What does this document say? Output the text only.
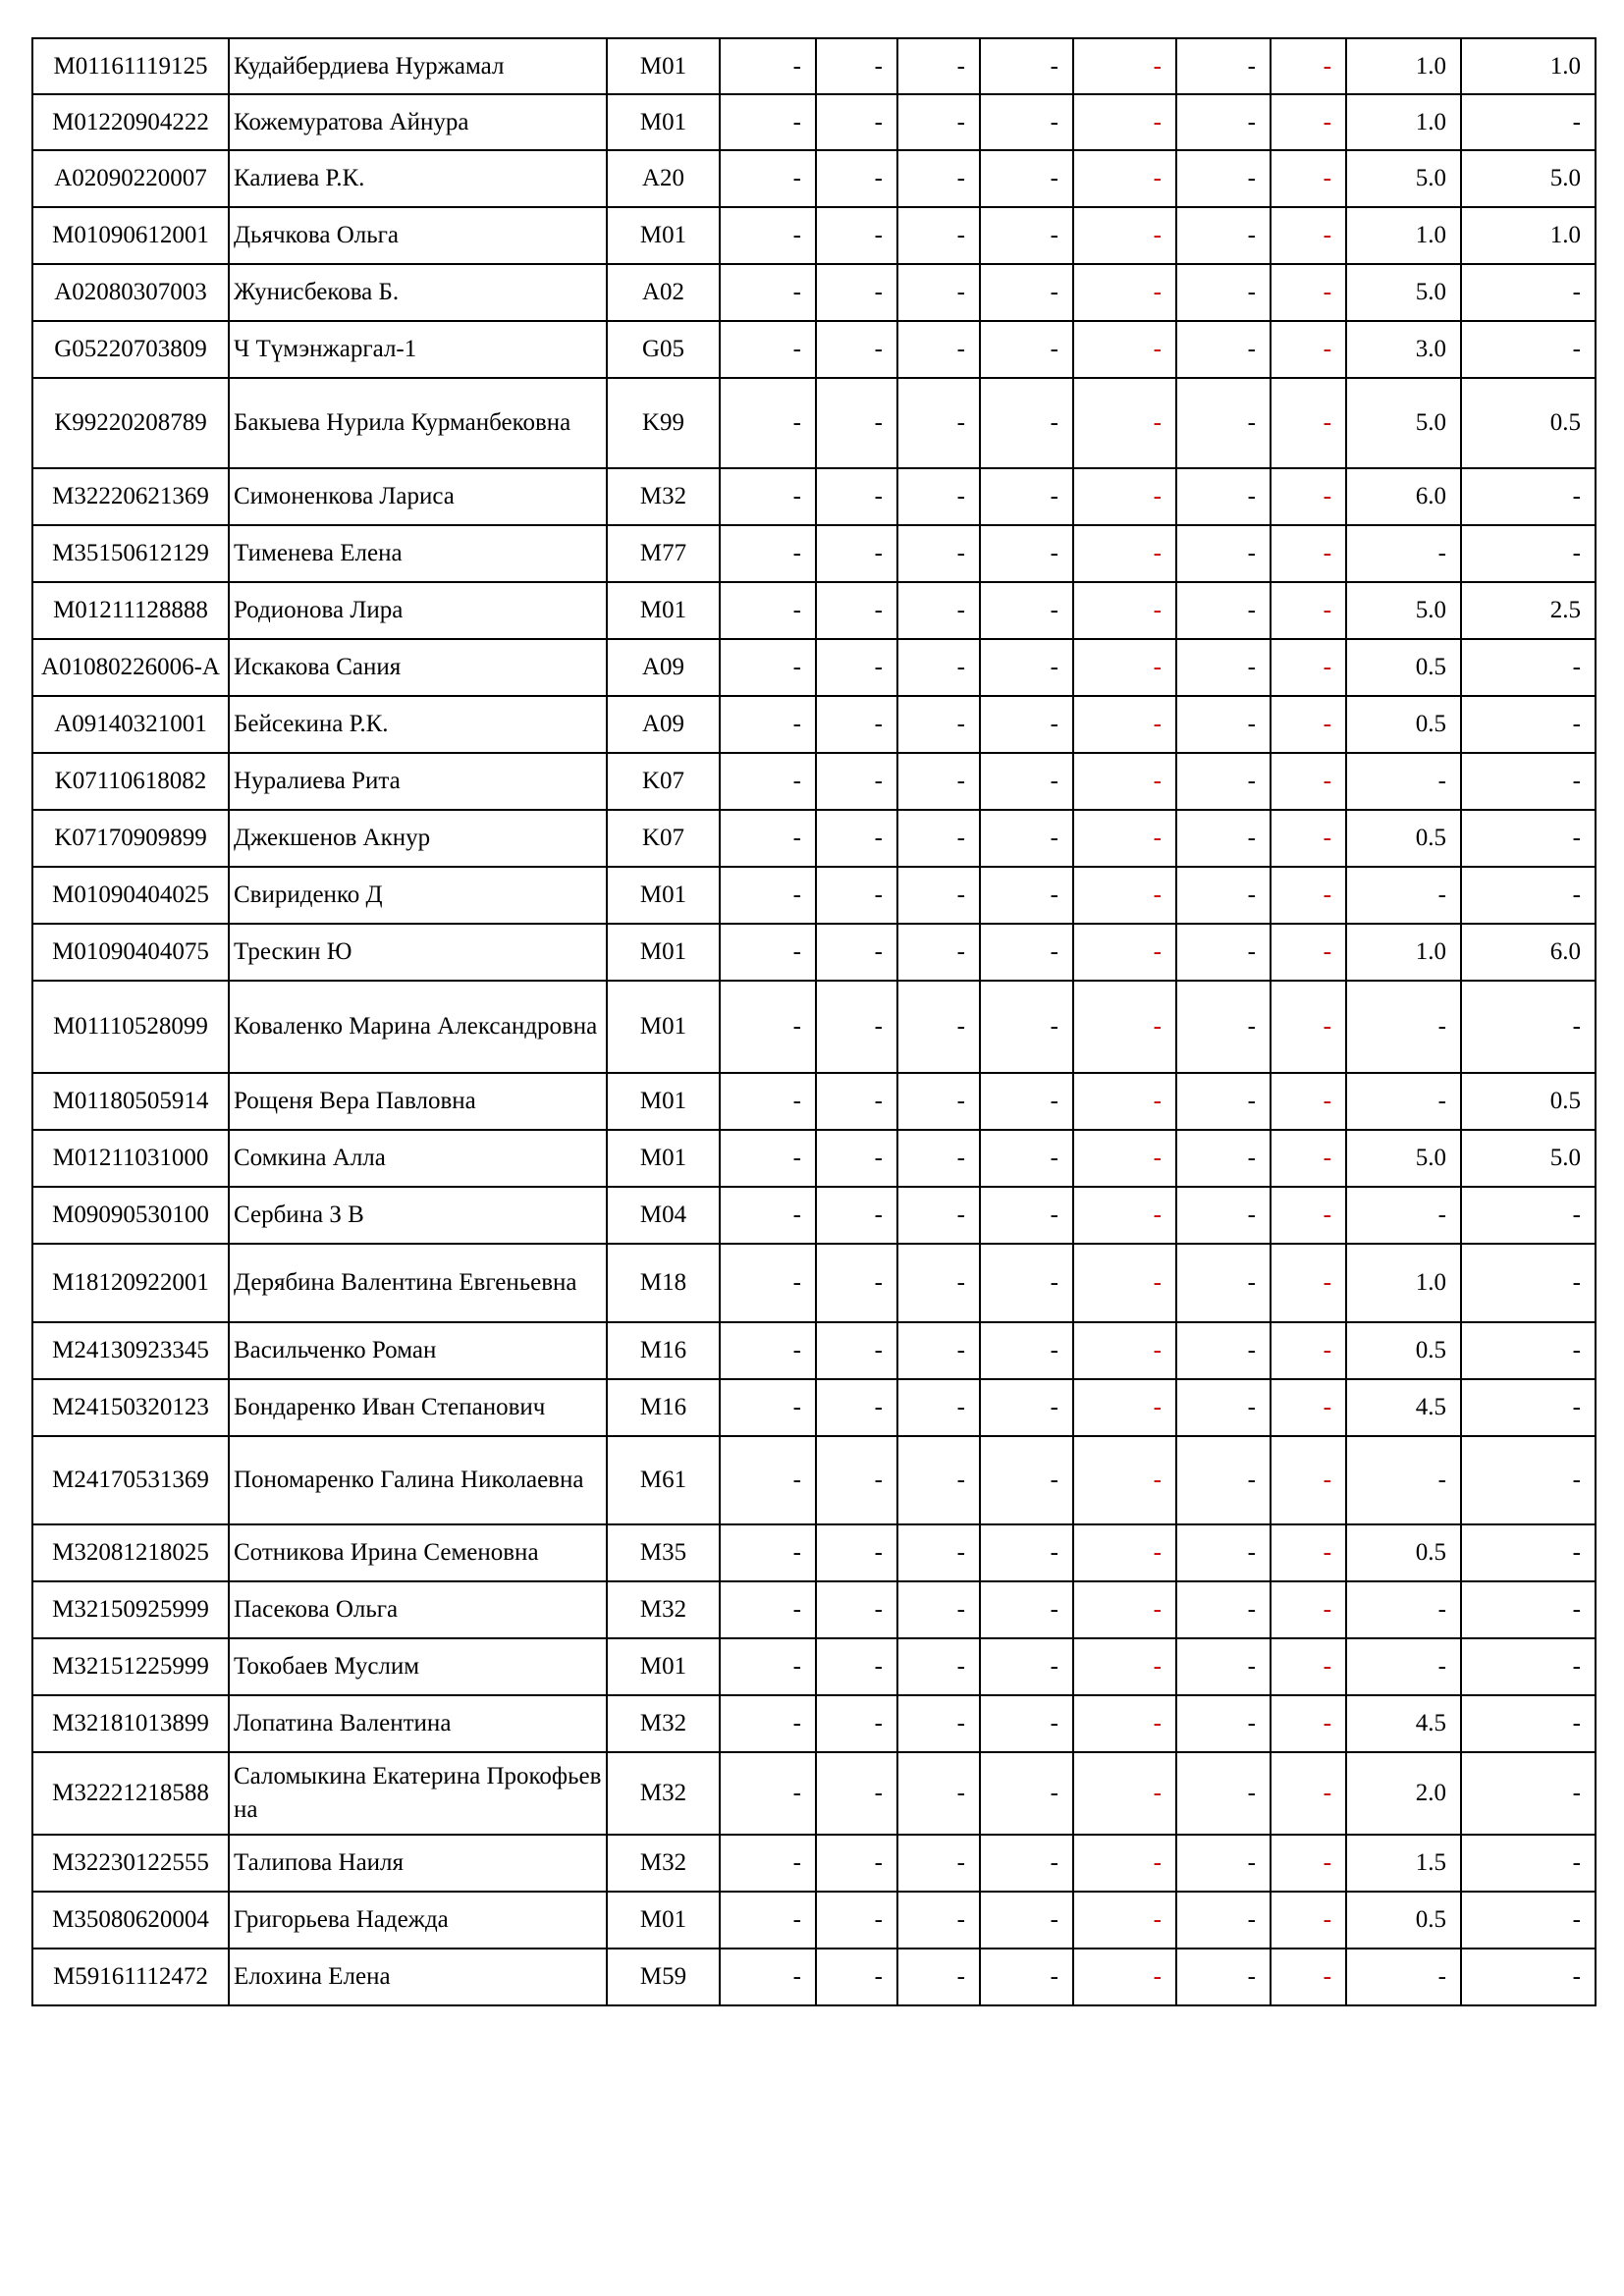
M01161119125	Кудайбердиева Нуржамал	M01	-	-	-	-	-	-	-	1.0	1.0
M01220904222	Кожемуратова Айнура	M01	-	-	-	-	-	-	-	1.0	-
A02090220007	Калиева Р.К.	A20	-	-	-	-	-	-	-	5.0	5.0
M01090612001	Дьячкова Ольга	M01	-	-	-	-	-	-	-	1.0	1.0
A02080307003	Жунисбекова Б.	A02	-	-	-	-	-	-	-	5.0	-
G05220703809	Ч Түмэнжаргал-1	G05	-	-	-	-	-	-	-	3.0	-
K99220208789	Бакыева Нурила Курманбековна	K99	-	-	-	-	-	-	-	5.0	0.5
M32220621369	Симоненкова Лариса	M32	-	-	-	-	-	-	-	6.0	-
M35150612129	Тименева Елена	M77	-	-	-	-	-	-	-	-	-
M01211128888	Родионова Лира	M01	-	-	-	-	-	-	-	5.0	2.5
A01080226006-A	Искакова Сания	A09	-	-	-	-	-	-	-	0.5	-
A09140321001	Бейсекина Р.К.	A09	-	-	-	-	-	-	-	0.5	-
K07110618082	Нуралиева Рита	K07	-	-	-	-	-	-	-	-	-
K07170909899	Джекшенов Акнур	K07	-	-	-	-	-	-	-	0.5	-
M01090404025	Свириденко Д	M01	-	-	-	-	-	-	-	-	-
M01090404075	Трескин Ю	M01	-	-	-	-	-	-	-	1.0	6.0
M01110528099	Коваленко Марина Александровна	M01	-	-	-	-	-	-	-	-	-
M01180505914	Рощеня Вера Павловна	M01	-	-	-	-	-	-	-	-	0.5
M01211031000	Сомкина Алла	M01	-	-	-	-	-	-	-	5.0	5.0
M09090530100	Сербина З В	M04	-	-	-	-	-	-	-	-	-
M18120922001	Дерябина Валентина Евгеньевна	M18	-	-	-	-	-	-	-	1.0	-
M24130923345	Васильченко Роман	M16	-	-	-	-	-	-	-	0.5	-
M24150320123	Бондаренко Иван Степанович	M16	-	-	-	-	-	-	-	4.5	-
M24170531369	Пономаренко Галина Николаевна	M61	-	-	-	-	-	-	-	-	-
M32081218025	Сотникова Ирина Семеновна	M35	-	-	-	-	-	-	-	0.5	-
M32150925999	Пасекова Ольга	M32	-	-	-	-	-	-	-	-	-
M32151225999	Токобаев Муслим	M01	-	-	-	-	-	-	-	-	-
M32181013899	Лопатина Валентина	M32	-	-	-	-	-	-	-	4.5	-
M32221218588	Саломыкина Екатерина Прокофьевна	M32	-	-	-	-	-	-	-	2.0	-
M32230122555	Талипова Наиля	M32	-	-	-	-	-	-	-	1.5	-
M35080620004	Григорьева Надежда	M01	-	-	-	-	-	-	-	0.5	-
M59161112472	Елохина Елена	M59	-	-	-	-	-	-	-	-	-
